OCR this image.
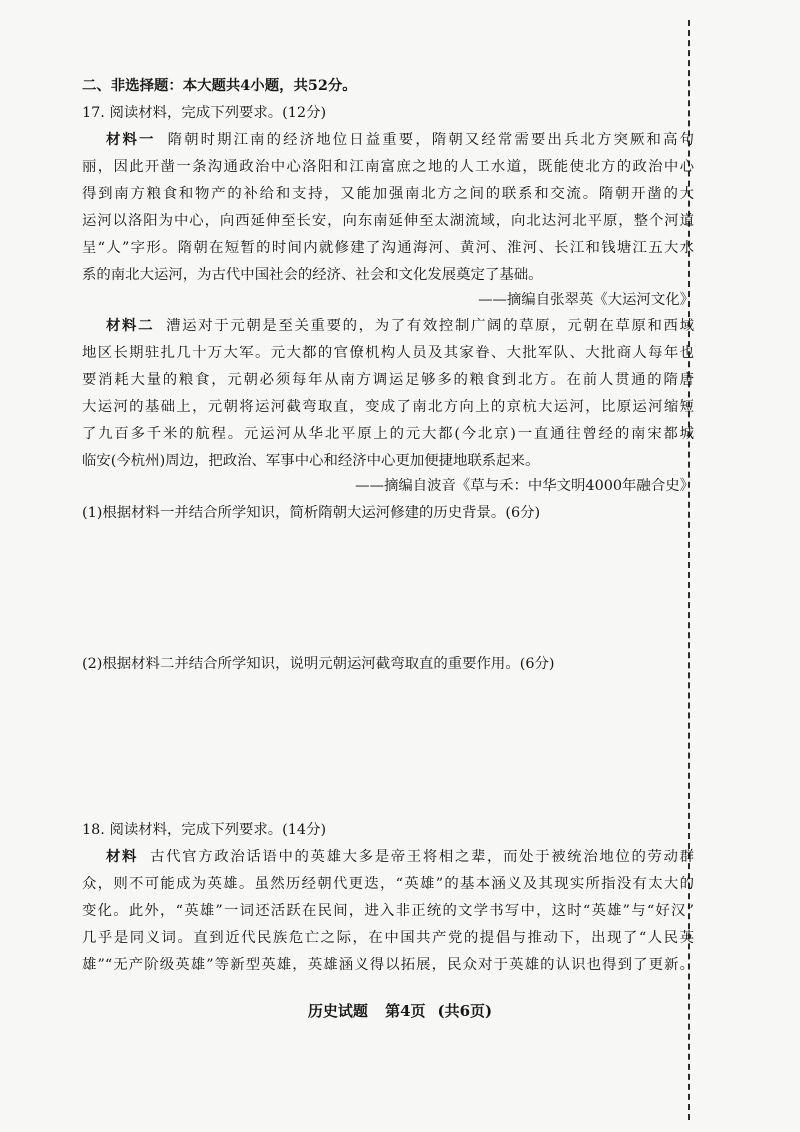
二、非选择题：本大题共4小题，共52分。
17. 阅读材料，完成下列要求。(12分)
材料一 隋朝时期江南的经济地位日益重要，隋朝又经常需要出兵北方突厥和高句
丽，因此开凿一条沟通政治中心洛阳和江南富庶之地的人工水道，既能使北方的政治中心
得到南方粮食和物产的补给和支持，又能加强南北方之间的联系和交流。隋朝开凿的大
运河以洛阳为中心，向西延伸至长安，向东南延伸至太湖流域，向北达河北平原，整个河道
呈“人”字形。隋朝在短暂的时间内就修建了沟通海河、黄河、淮河、长江和钱塘江五大水
系的南北大运河，为古代中国社会的经济、社会和文化发展奠定了基础。
——摘编自张翠英《大运河文化》
材料二 漕运对于元朝是至关重要的，为了有效控制广阔的草原，元朝在草原和西域
地区长期驻扎几十万大军。元大都的官僚机构人员及其家眷、大批军队、大批商人每年也
要消耗大量的粮食，元朝必须每年从南方调运足够多的粮食到北方。在前人贯通的隋唐
大运河的基础上，元朝将运河截弯取直，变成了南北方向上的京杭大运河，比原运河缩短
了九百多千米的航程。元运河从华北平原上的元大都(今北京)一直通往曾经的南宋都城
临安(今杭州)周边，把政治、军事中心和经济中心更加便捷地联系起来。
——摘编自波音《草与禾：中华文明4000年融合史》
(1)根据材料一并结合所学知识，简析隋朝大运河修建的历史背景。(6分)
(2)根据材料二并结合所学知识，说明元朝运河截弯取直的重要作用。(6分)
18. 阅读材料，完成下列要求。(14分)
材料 古代官方政治话语中的英雄大多是帝王将相之辈，而处于被统治地位的劳动群
众，则不可能成为英雄。虽然历经朝代更迭，“英雄”的基本涵义及其现实所指没有太大的
变化。此外，“英雄”一词还活跃在民间，进入非正统的文学书写中，这时“英雄”与“好汉”
几乎是同义词。直到近代民族危亡之际，在中国共产党的提倡与推动下，出现了“人民英
雄”“无产阶级英雄”等新型英雄，英雄涵义得以拓展，民众对于英雄的认识也得到了更新。
历史试题 第4页 (共6页)
